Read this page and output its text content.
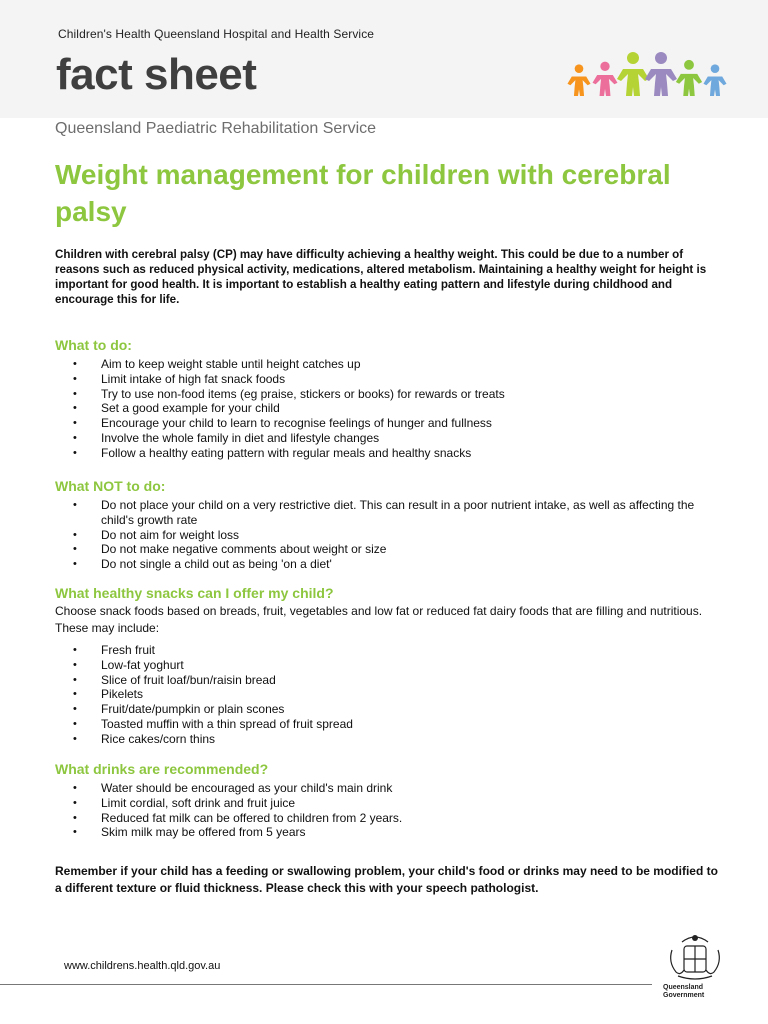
Children's Health Queensland Hospital and Health Service
fact sheet
Queensland Paediatric Rehabilitation Service
Weight management for children with cerebral palsy
Children with cerebral palsy (CP) may have difficulty achieving a healthy weight. This could be due to a number of reasons such as reduced physical activity, medications, altered metabolism. Maintaining a healthy weight for height is important for good health. It is important to establish a healthy eating pattern and lifestyle during childhood and encourage this for life.
What to do:
• Aim to keep weight stable until height catches up
• Limit intake of high fat snack foods
• Try to use non-food items (eg praise, stickers or books) for rewards or treats
• Set a good example for your child
• Encourage your child to learn to recognise feelings of hunger and fullness
• Involve the whole family in diet and lifestyle changes
• Follow a healthy eating pattern with regular meals and healthy snacks
What NOT to do:
• Do not place your child on a very restrictive diet. This can result in a poor nutrient intake, as well as affecting the child's growth rate
• Do not aim for weight loss
• Do not make negative comments about weight or size
• Do not single a child out as being 'on a diet'
What healthy snacks can I offer my child?
Choose snack foods based on breads, fruit, vegetables and low fat or reduced fat dairy foods that are filling and nutritious. These may include:
• Fresh fruit
• Low-fat yoghurt
• Slice of fruit loaf/bun/raisin bread
• Pikelets
• Fruit/date/pumpkin or plain scones
• Toasted muffin with a thin spread of fruit spread
• Rice cakes/corn thins
What drinks are recommended?
• Water should be encouraged as your child's main drink
• Limit cordial, soft drink and fruit juice
• Reduced fat milk can be offered to children from 2 years.
• Skim milk may be offered from 5 years
Remember if your child has a feeding or swallowing problem, your child's food or drinks may need to be modified to a different texture or fluid thickness. Please check this with your speech pathologist.
www.childrens.health.qld.gov.au
Queensland
Government
